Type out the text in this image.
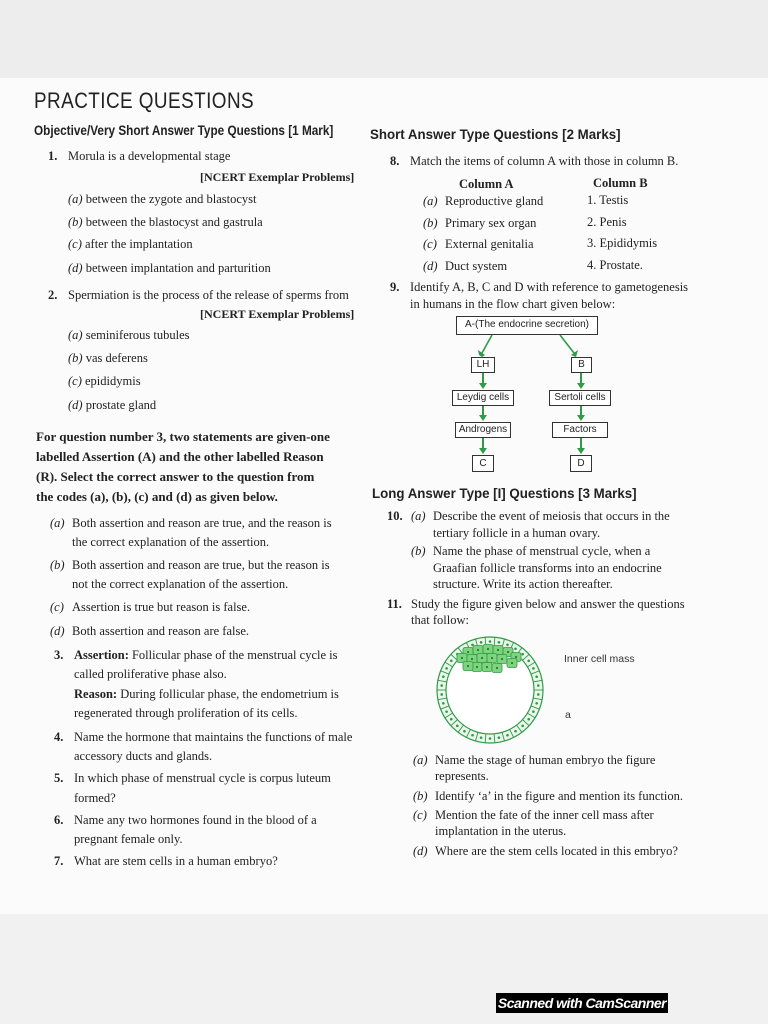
PRACTICE QUESTIONS
Objective/Very Short Answer Type Questions [1 Mark]
1. Morula is a developmental stage
[NCERT Exemplar Problems]
(a) between the zygote and blastocyst
(b) between the blastocyst and gastrula
(c) after the implantation
(d) between implantation and parturition
2. Spermiation is the process of the release of sperms from
[NCERT Exemplar Problems]
(a) seminiferous tubules
(b) vas deferens
(c) epididymis
(d) prostate gland
For question number 3, two statements are given-one
labelled Assertion (A) and the other labelled Reason
(R). Select the correct answer to the question from
the codes (a), (b), (c) and (d) as given below.
(a) Both assertion and reason are true, and the reason is
the correct explanation of the assertion.
(b) Both assertion and reason are true, but the reason is
not the correct explanation of the assertion.
(c) Assertion is true but reason is false.
(d) Both assertion and reason are false.
3. Assertion: Follicular phase of the menstrual cycle is
called proliferative phase also.
Reason: During follicular phase, the endometrium is
regenerated through proliferation of its cells.
4. Name the hormone that maintains the functions of male
accessory ducts and glands.
5. In which phase of menstrual cycle is corpus luteum
formed?
6. Name any two hormones found in the blood of a
pregnant female only.
7. What are stem cells in a human embryo?
Short Answer Type Questions [2 Marks]
8. Match the items of column A with those in column B.
Column A	Column B
(a) Reproductive gland	1. Testis
(b) Primary sex organ	2. Penis
(c) External genitalia	3. Epididymis
(d) Duct system	4. Prostate.
9. Identify A, B, C and D with reference to gametogenesis
in humans in the flow chart given below:
A-(The endocrine secretion)
LH	B
Leydig cells	Sertoli cells
Androgens	Factors
C	D
Long Answer Type [I] Questions [3 Marks]
10. (a) Describe the event of meiosis that occurs in the
tertiary follicle in a human ovary.
(b) Name the phase of menstrual cycle, when a
Graafian follicle transforms into an endocrine
structure. Write its action thereafter.
11. Study the figure given below and answer the questions
that follow:
Inner cell mass
a
(a) Name the stage of human embryo the figure
represents.
(b) Identify ‘a’ in the figure and mention its function.
(c) Mention the fate of the inner cell mass after
implantation in the uterus.
(d) Where are the stem cells located in this embryo?
Scanned with CamScanner
